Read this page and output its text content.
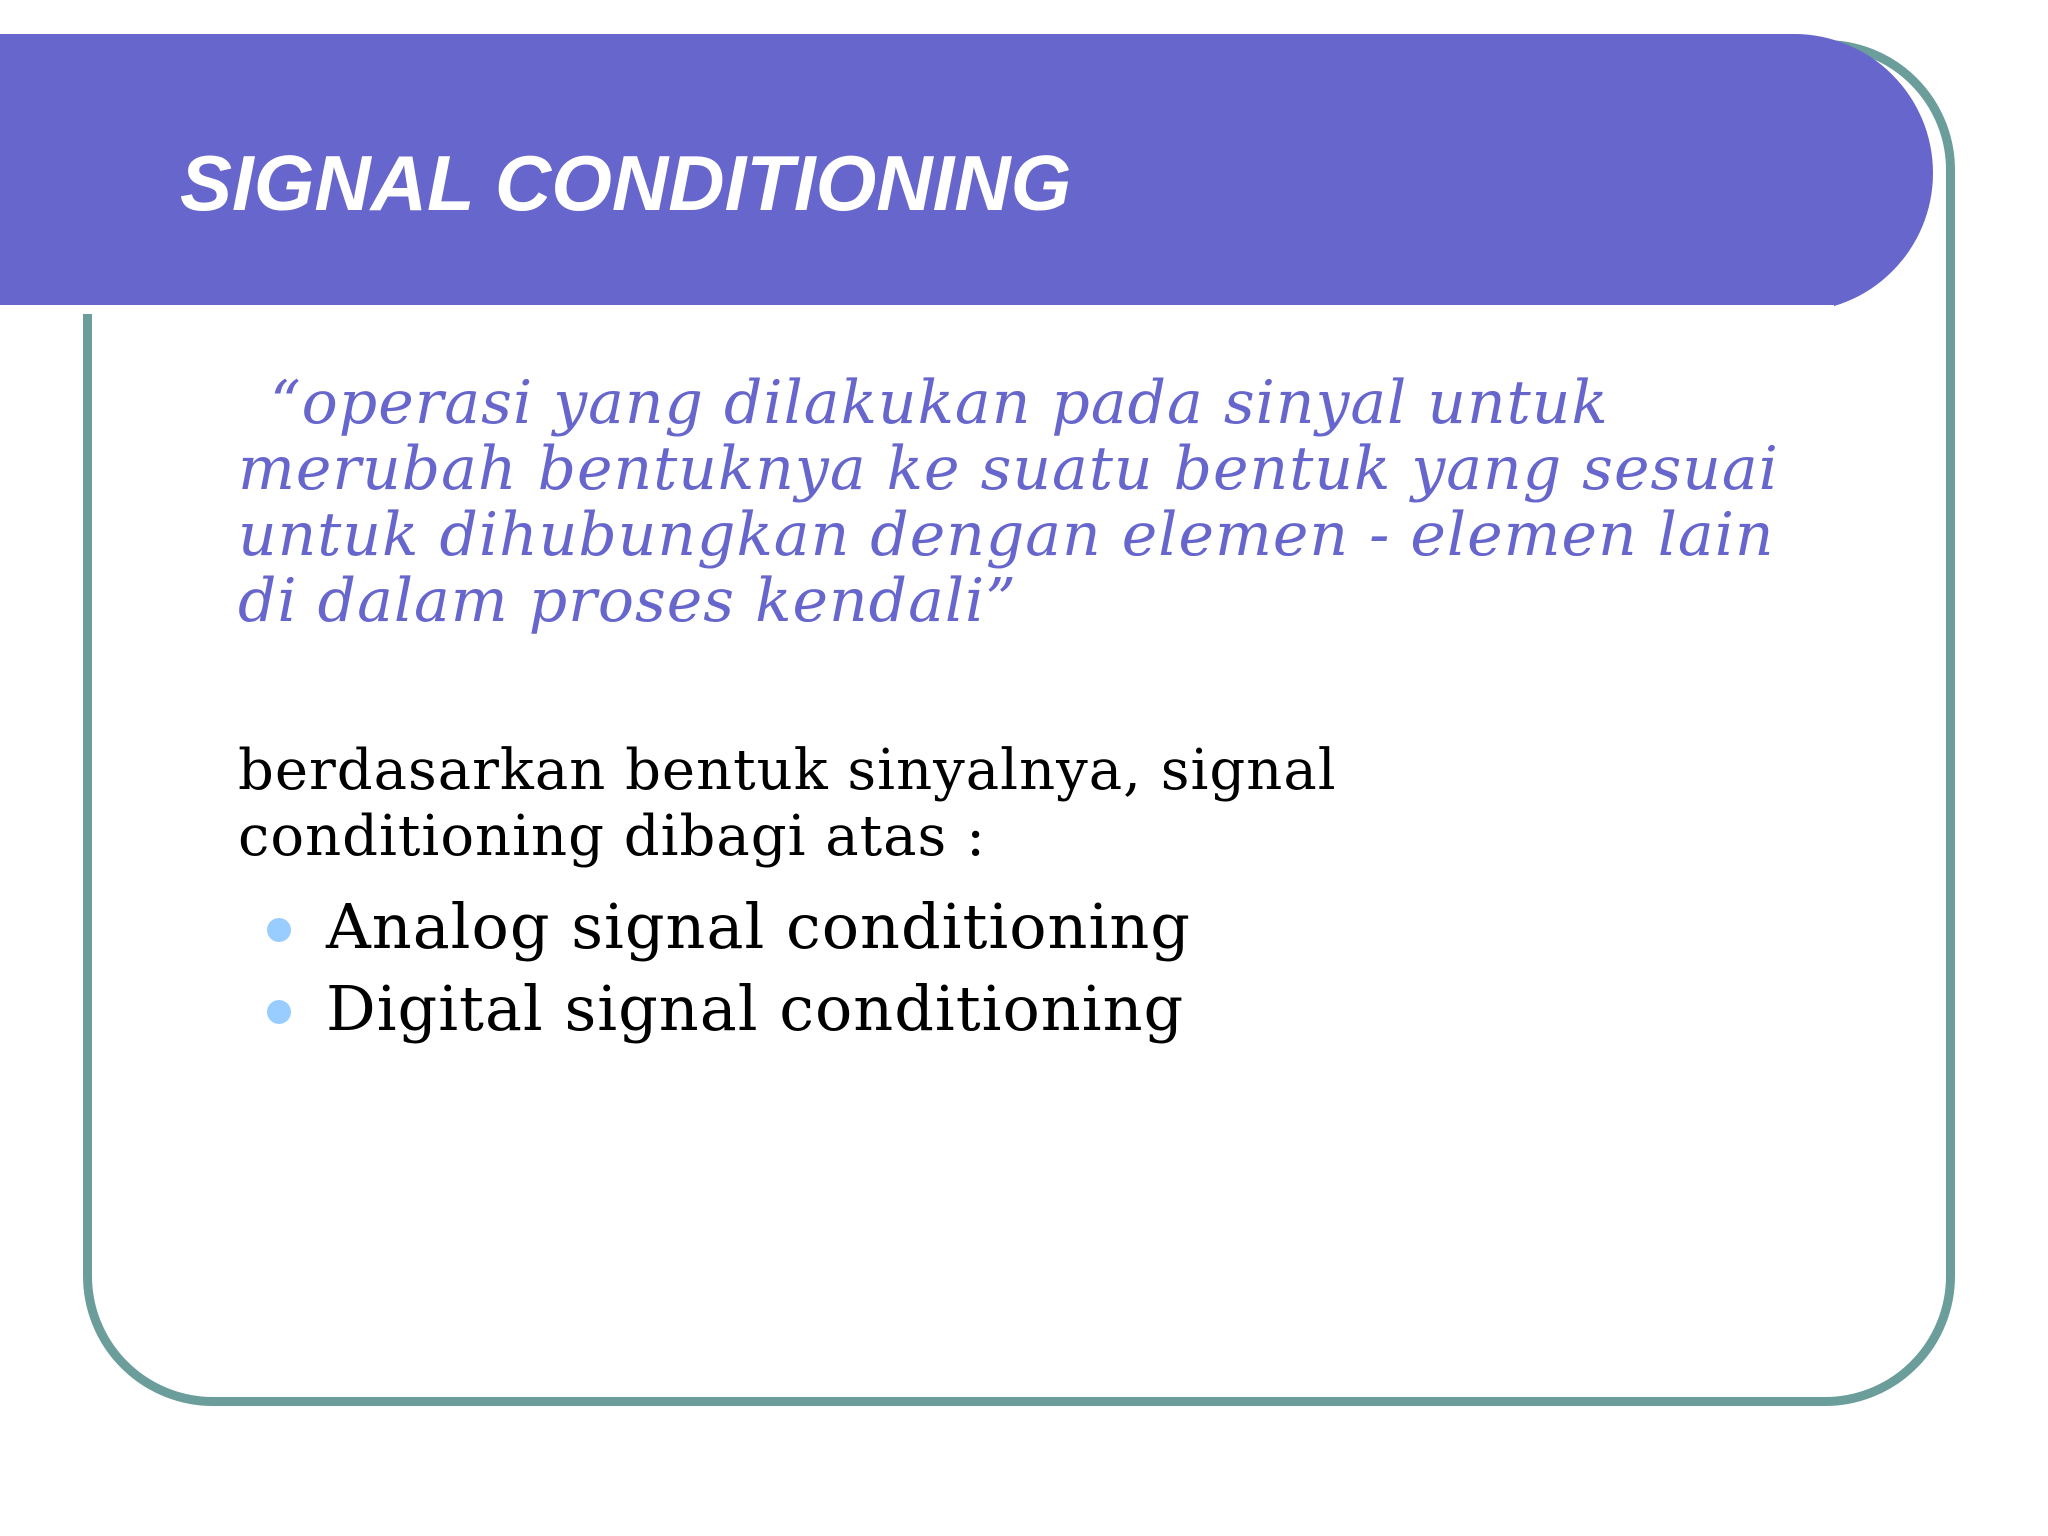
SIGNAL CONDITIONING
“operasi yang dilakukan pada sinyal untuk
merubah bentuknya ke suatu bentuk yang sesuai
untuk dihubungkan dengan elemen - elemen lain
di dalam proses kendali”
berdasarkan bentuk sinyalnya, signal
conditioning dibagi atas :
Analog signal conditioning
Digital signal conditioning
